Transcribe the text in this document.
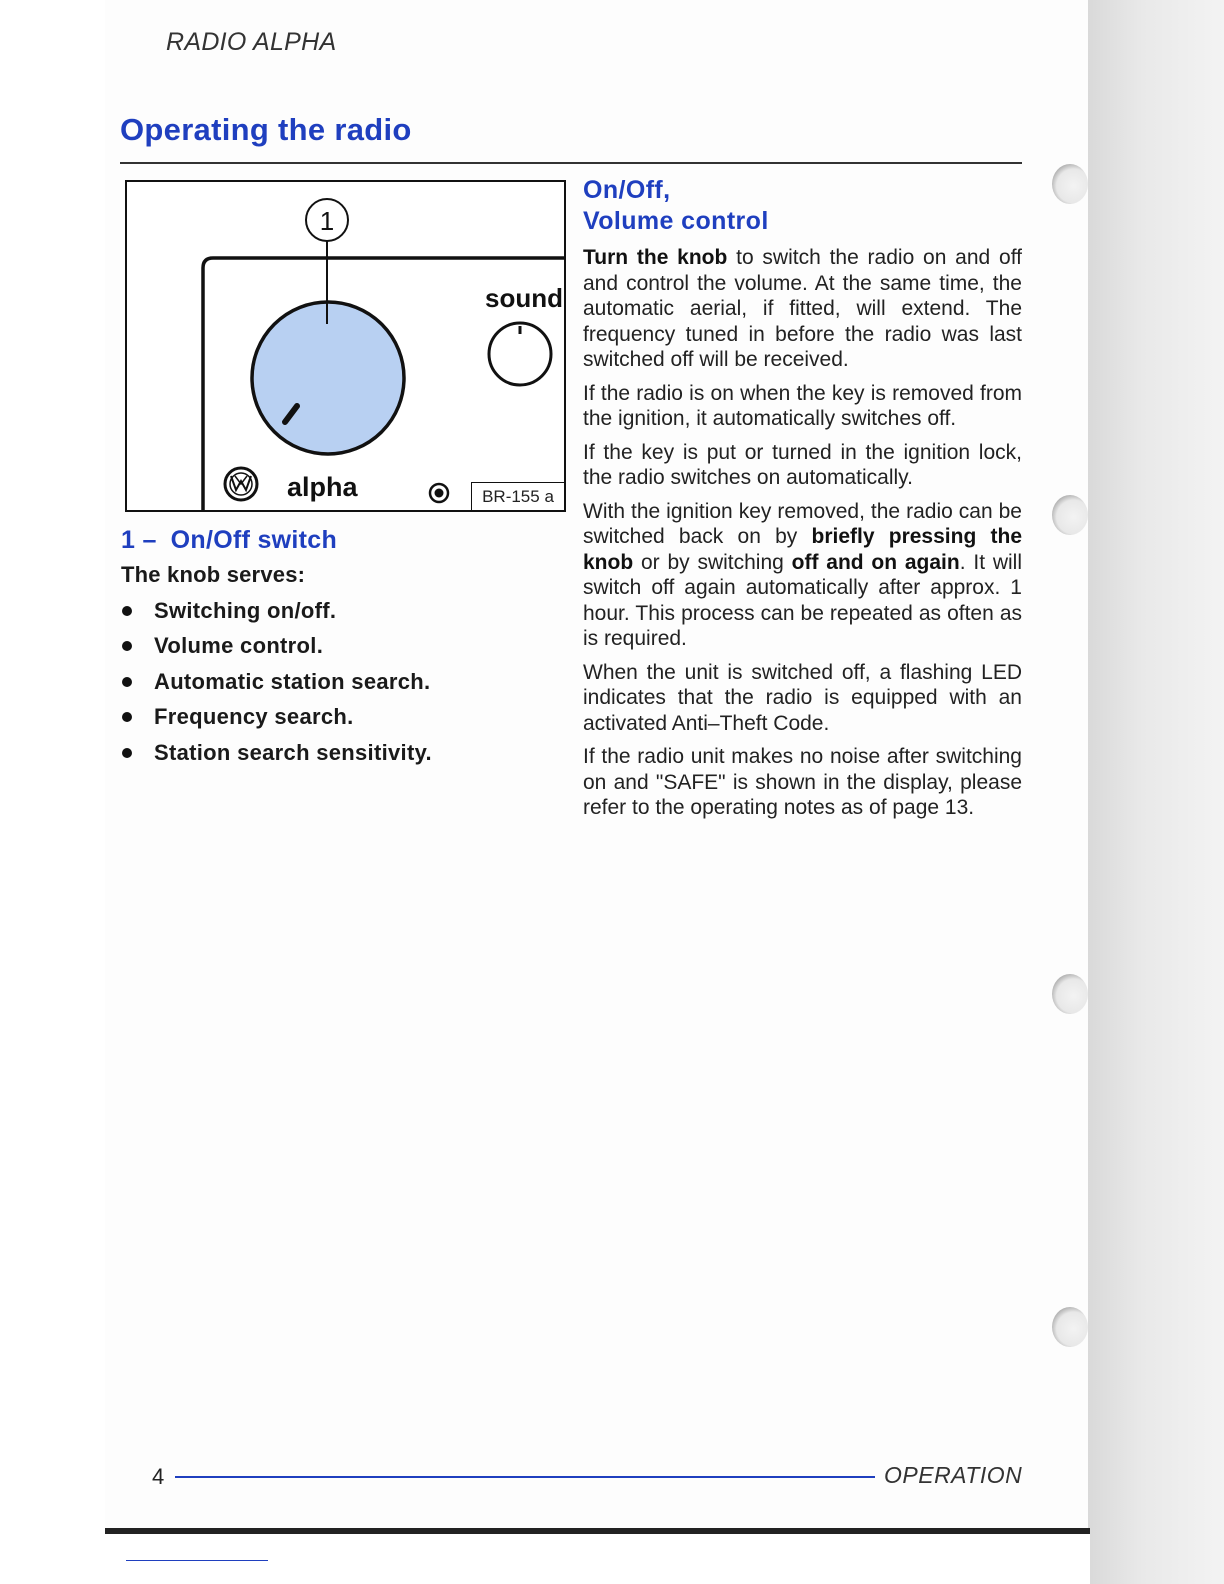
RADIO ALPHA
Operating the radio
1
sound
alpha	BR-155 a
1 – On/Off switch

The knob serves:

Switching on/off.
Volume control.
Automatic station search.
Frequency search.
Station search sensitivity.
On/Off,
Volume control

Turn the knob to switch the radio on and off and control the volume. At the same time, the automatic aerial, if fitted, will extend. The frequency tuned in before the radio was last switched off will be received.

If the radio is on when the key is removed from the ignition, it automatically switches off.

If the key is put or turned in the ignition lock, the radio switches on automatically.

With the ignition key removed, the radio can be switched back on by briefly pressing the knob or by switching off and on again. It will switch off again automatically after approx. 1 hour. This process can be repeated as often as is required.

When the unit is switched off, a flashing LED indicates that the radio is equipped with an activated Anti–Theft Code.

If the radio unit makes no noise after switching on and "SAFE" is shown in the display, please refer to the operating notes as of page 13.

4	OPERATION
